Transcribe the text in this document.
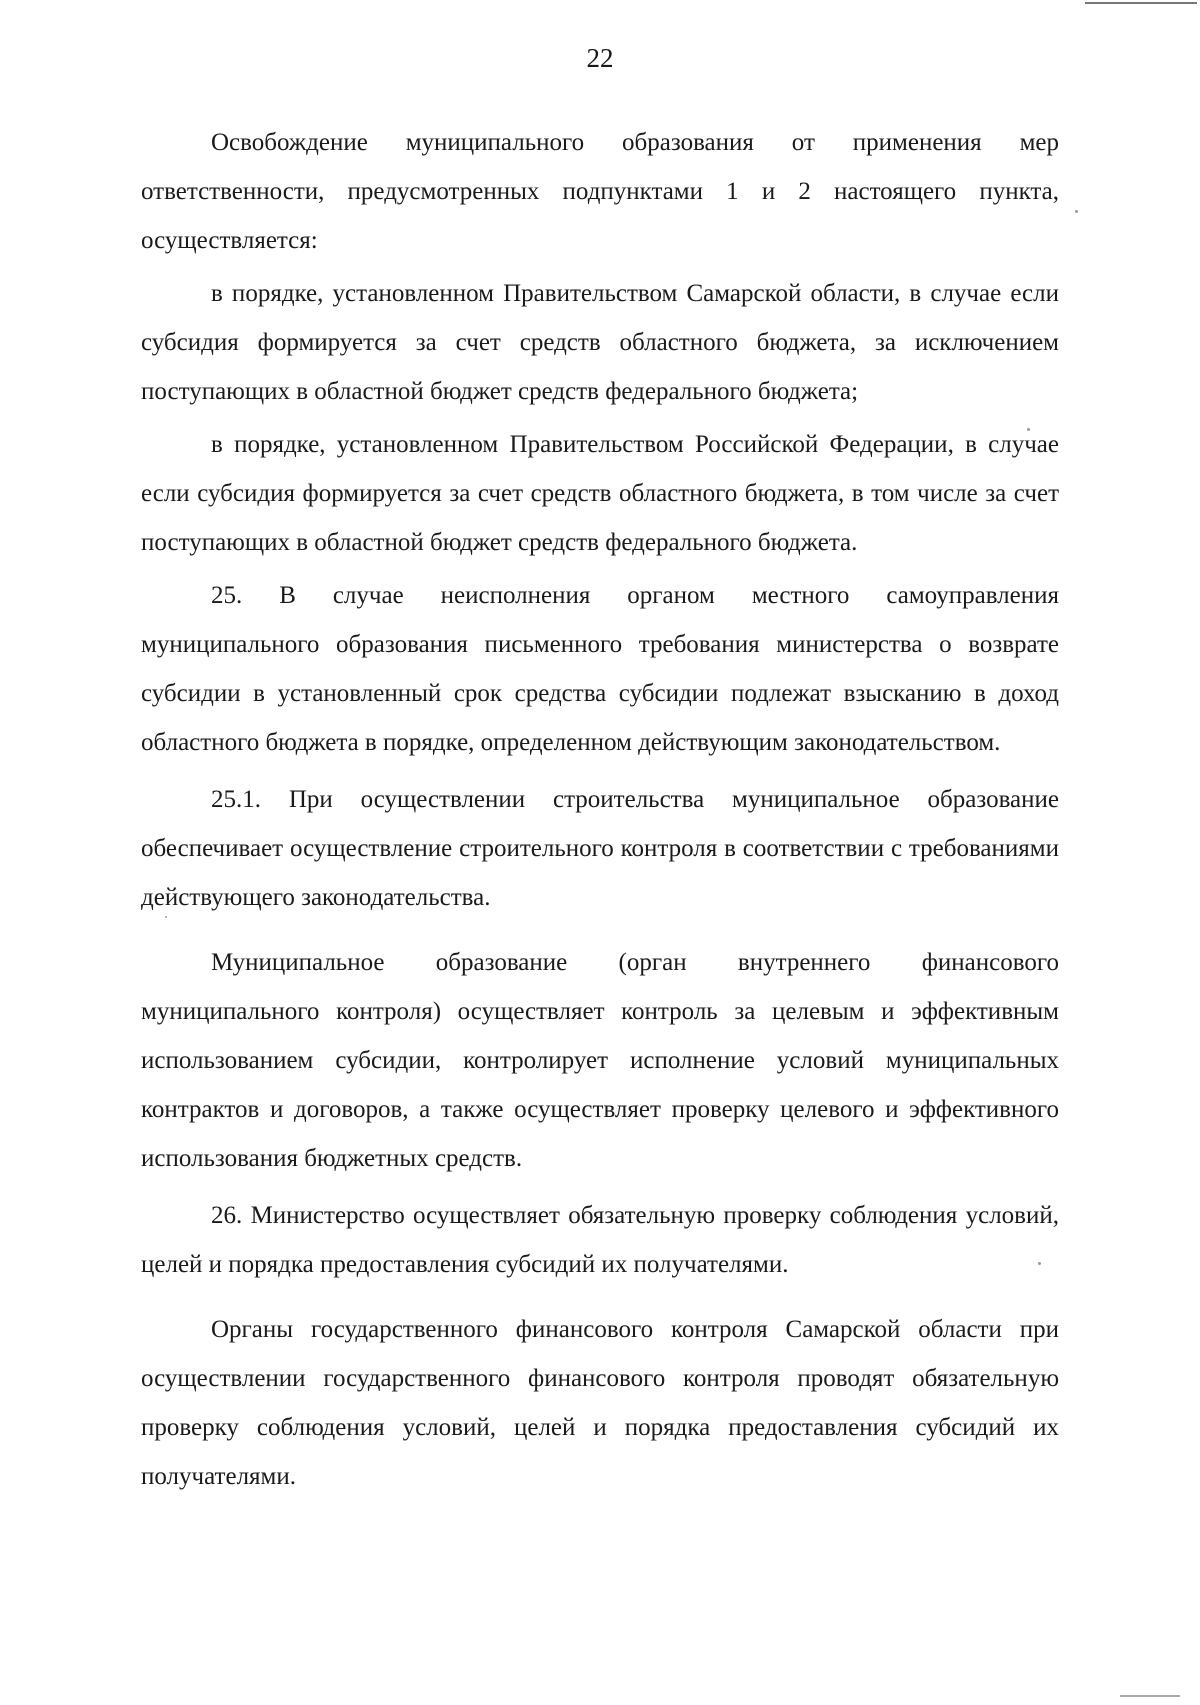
22

Освобождение муниципального образования от применения мер ответственности, предусмотренных подпунктами 1 и 2 настоящего пункта, осуществляется:

в порядке, установленном Правительством Самарской области, в случае если субсидия формируется за счет средств областного бюджета, за исключением поступающих в областной бюджет средств федерального бюджета;

в порядке, установленном Правительством Российской Федерации, в случае если субсидия формируется за счет средств областного бюджета, в том числе за счет поступающих в областной бюджет средств федерального бюджета.

25. В случае неисполнения органом местного самоуправления муниципального образования письменного требования министерства о возврате субсидии в установленный срок средства субсидии подлежат взысканию в доход областного бюджета в порядке, определенном действующим законодательством.

25.1. При осуществлении строительства муниципальное образование обеспечивает осуществление строительного контроля в соответствии с требованиями действующего законодательства.

Муниципальное образование (орган внутреннего финансового муниципального контроля) осуществляет контроль за целевым и эффективным использованием субсидии, контролирует исполнение условий муниципальных контрактов и договоров, а также осуществляет проверку целевого и эффективного использования бюджетных средств.

26. Министерство осуществляет обязательную проверку соблюдения условий, целей и порядка предоставления субсидий их получателями.

Органы государственного финансового контроля Самарской области при осуществлении государственного финансового контроля проводят обязательную проверку соблюдения условий, целей и порядка предоставления субсидий их получателями.
